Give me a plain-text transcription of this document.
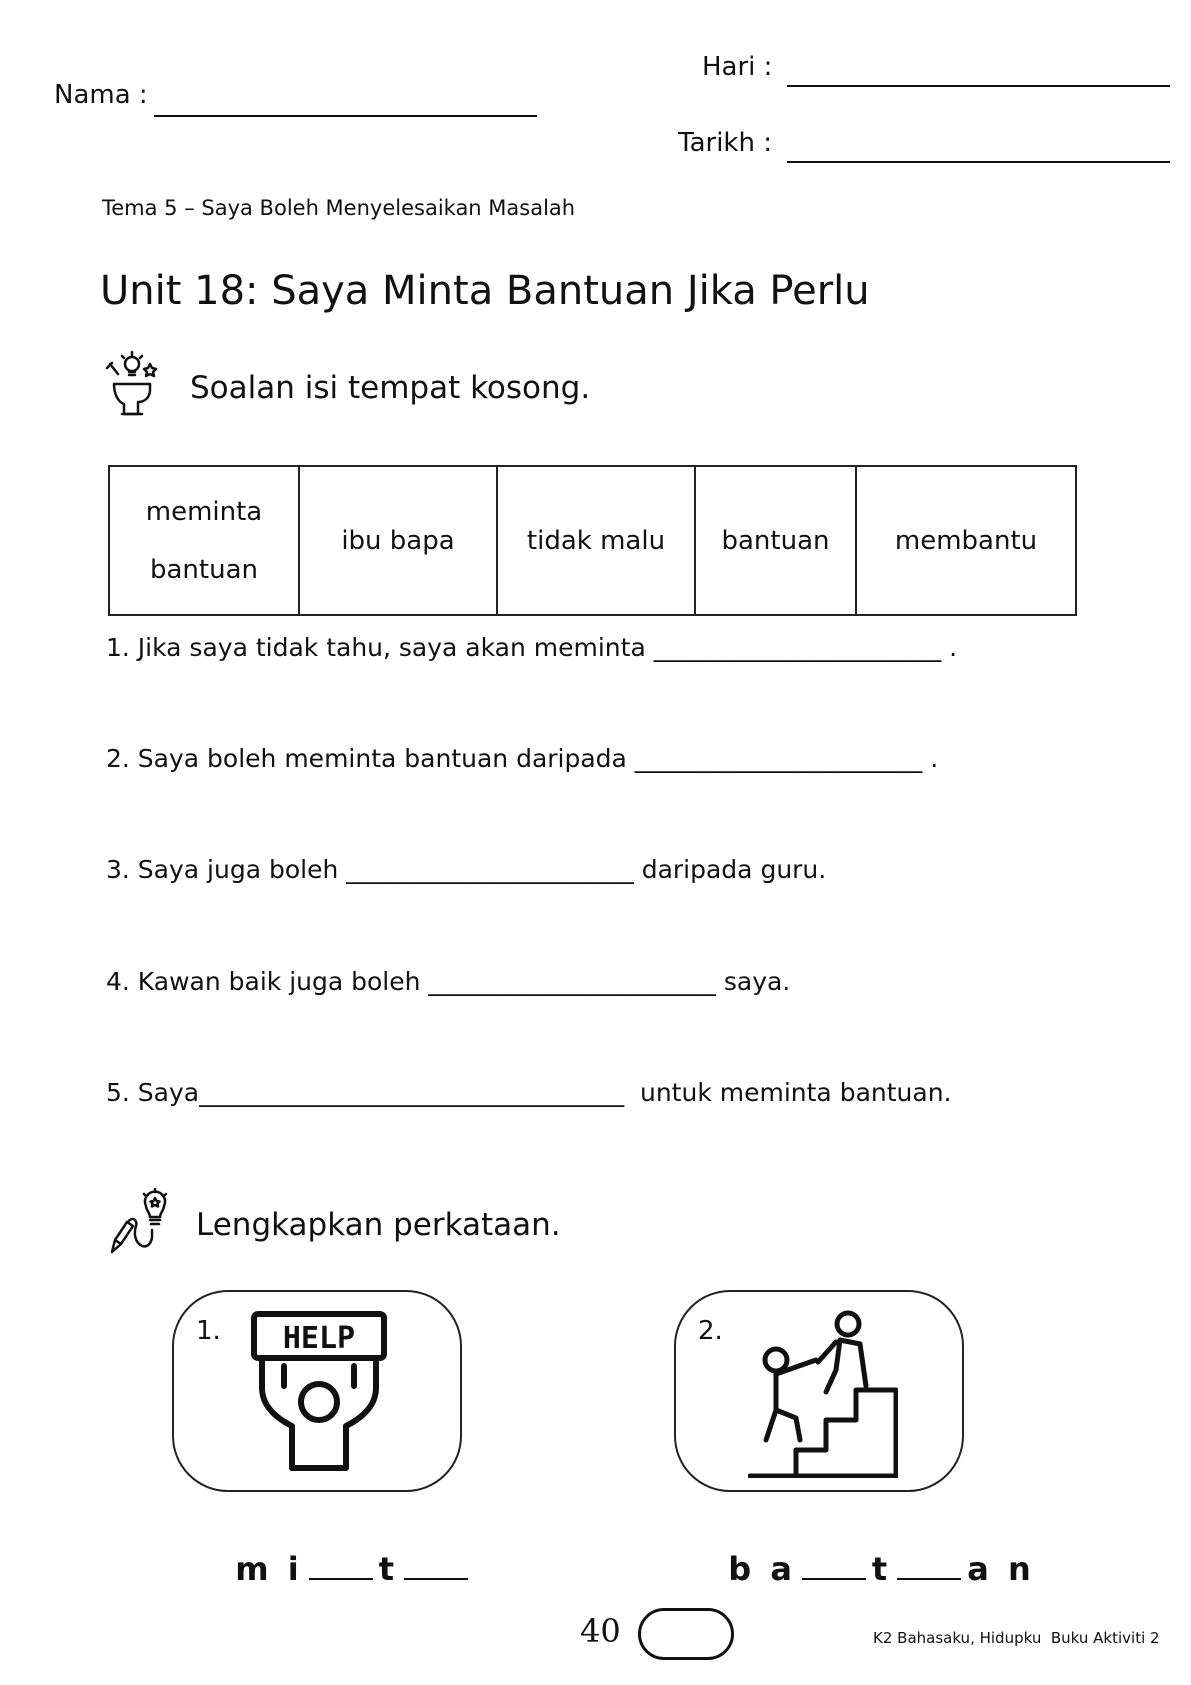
Nama :
Hari :
Tarikh :
Tema 5 – Saya Boleh Menyelesaikan Masalah
Unit 18: Saya Minta Bantuan Jika Perlu
Soalan isi tempat kosong.
meminta bantuan	ibu bapa	tidak malu	bantuan	membantu
1. Jika saya tidak tahu, saya akan meminta _______________________ .
2. Saya boleh meminta bantuan daripada _______________________ .
3. Saya juga boleh _______________________ daripada guru.
4. Kawan baik juga boleh _______________________ saya.
5. Saya__________________________________  untuk meminta bantuan.
Lengkapkan perkataan.
1. HELP

m i t

2.

b a t a n

40	K2 Bahasaku, Hidupku  Buku Aktiviti 2
